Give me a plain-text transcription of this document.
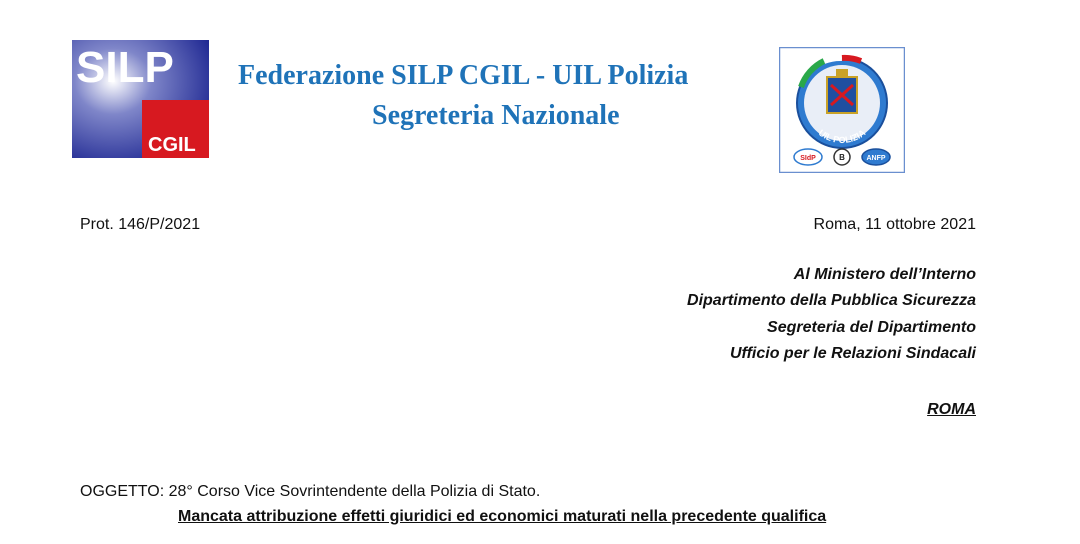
SILP
CGIL
Federazione SILP CGIL - UIL Polizia
Segreteria Nazionale
UIL POLIZIA
SIdP	B	ANFP
Prot. 146/P/2021	Roma, 11 ottobre 2021
Al Ministero dell’Interno
Dipartimento della Pubblica Sicurezza
Segreteria del Dipartimento
Ufficio per le Relazioni Sindacali
ROMA
OGGETTO: 28° Corso Vice Sovrintendente della Polizia di Stato.
Mancata attribuzione effetti giuridici ed economici maturati nella precedente qualifica
